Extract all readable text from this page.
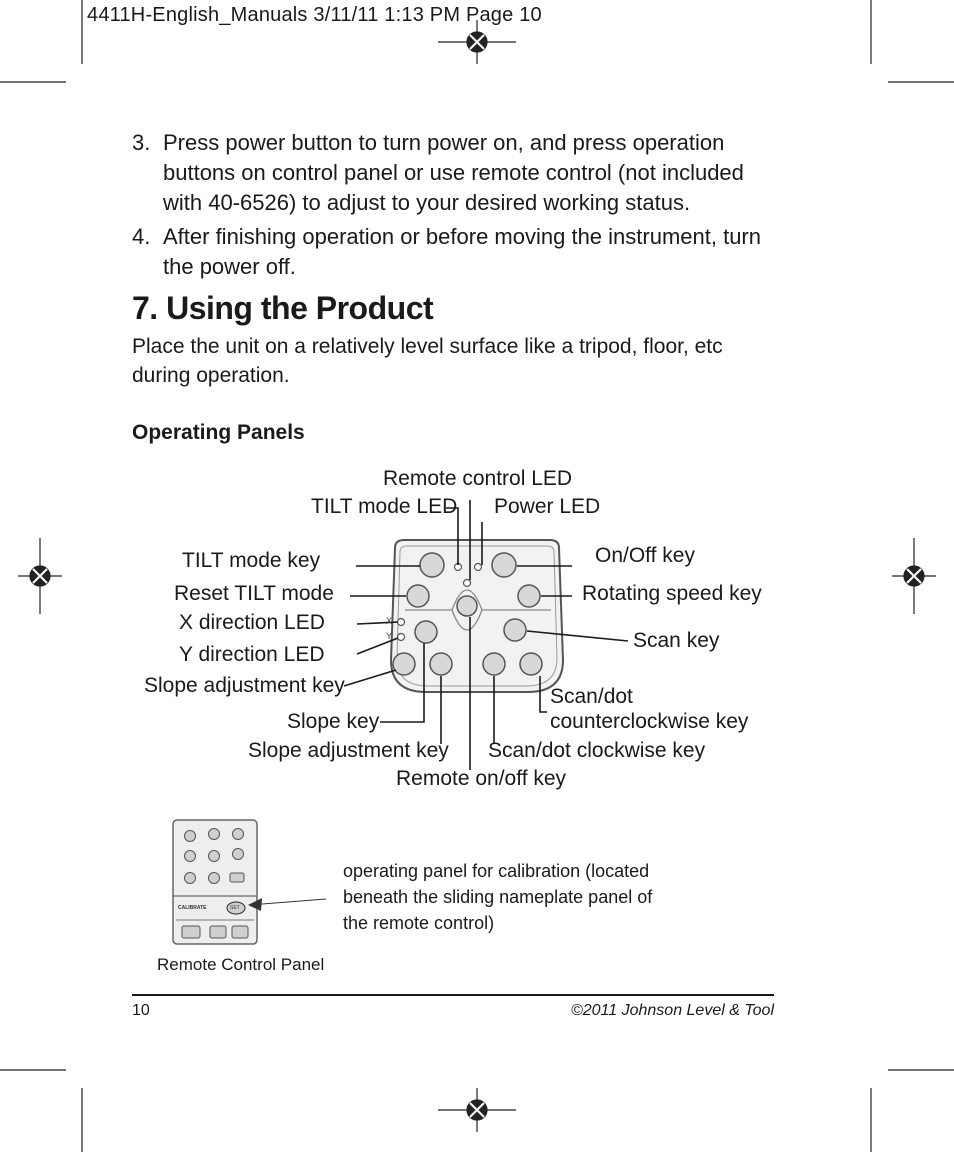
4411H-English_Manuals 3/11/11 1:13 PM Page 10
3. Press power button to turn power on, and press operation buttons on control panel or use remote control (not included with 40-6526) to adjust to your desired working status.
4. After finishing operation or before moving the instrument, turn the power off.
7. Using the Product
Place the unit on a relatively level surface like a tripod, floor, etc during operation.
Operating Panels
X
Y
Remote control LED
TILT mode LED Power LED
TILT mode key	On/Off key
Reset TILT mode	Rotating speed key
X direction LED
Scan key
Y direction LED
Slope adjustment key	Scan/dot
counterclockwise key
Slope key
Slope adjustment key Scan/dot clockwise key
Remote on/off key
CALIBRATE	SET
operating panel for calibration (located beneath the sliding nameplate panel of the remote control)
Remote Control Panel
10	©2011 Johnson Level & Tool
